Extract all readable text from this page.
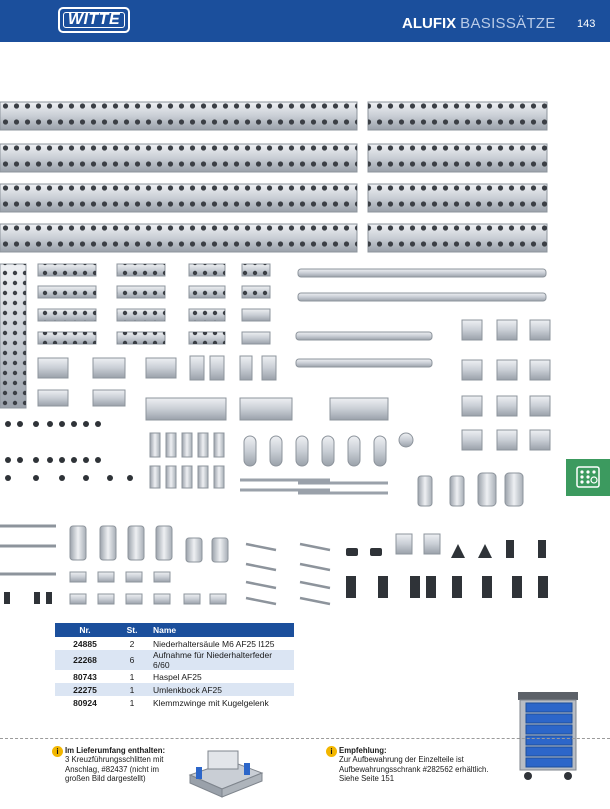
WITTE	ALUFIX BASISSÄTZE 143
Nr.	St.	Name
24885	2	Niederhaltersäule M6 AF25 l125
22268	6	Aufnahme für Niederhalterfeder 6/60
80743	1	Haspel AF25
22275	1	Umlenkbock AF25
80924	1	Klemmzwinge mit Kugelgelenk
i Im Lieferumfang enthalten:
3 Kreuzführungsschlitten mit
Anschlag, #82437 (nicht im
großen Bild dargestellt)
i Empfehlung:
Zur Aufbewahrung der Einzelteile ist
Aufbewahrungsschrank #282562 erhältlich.
Siehe Seite 151
